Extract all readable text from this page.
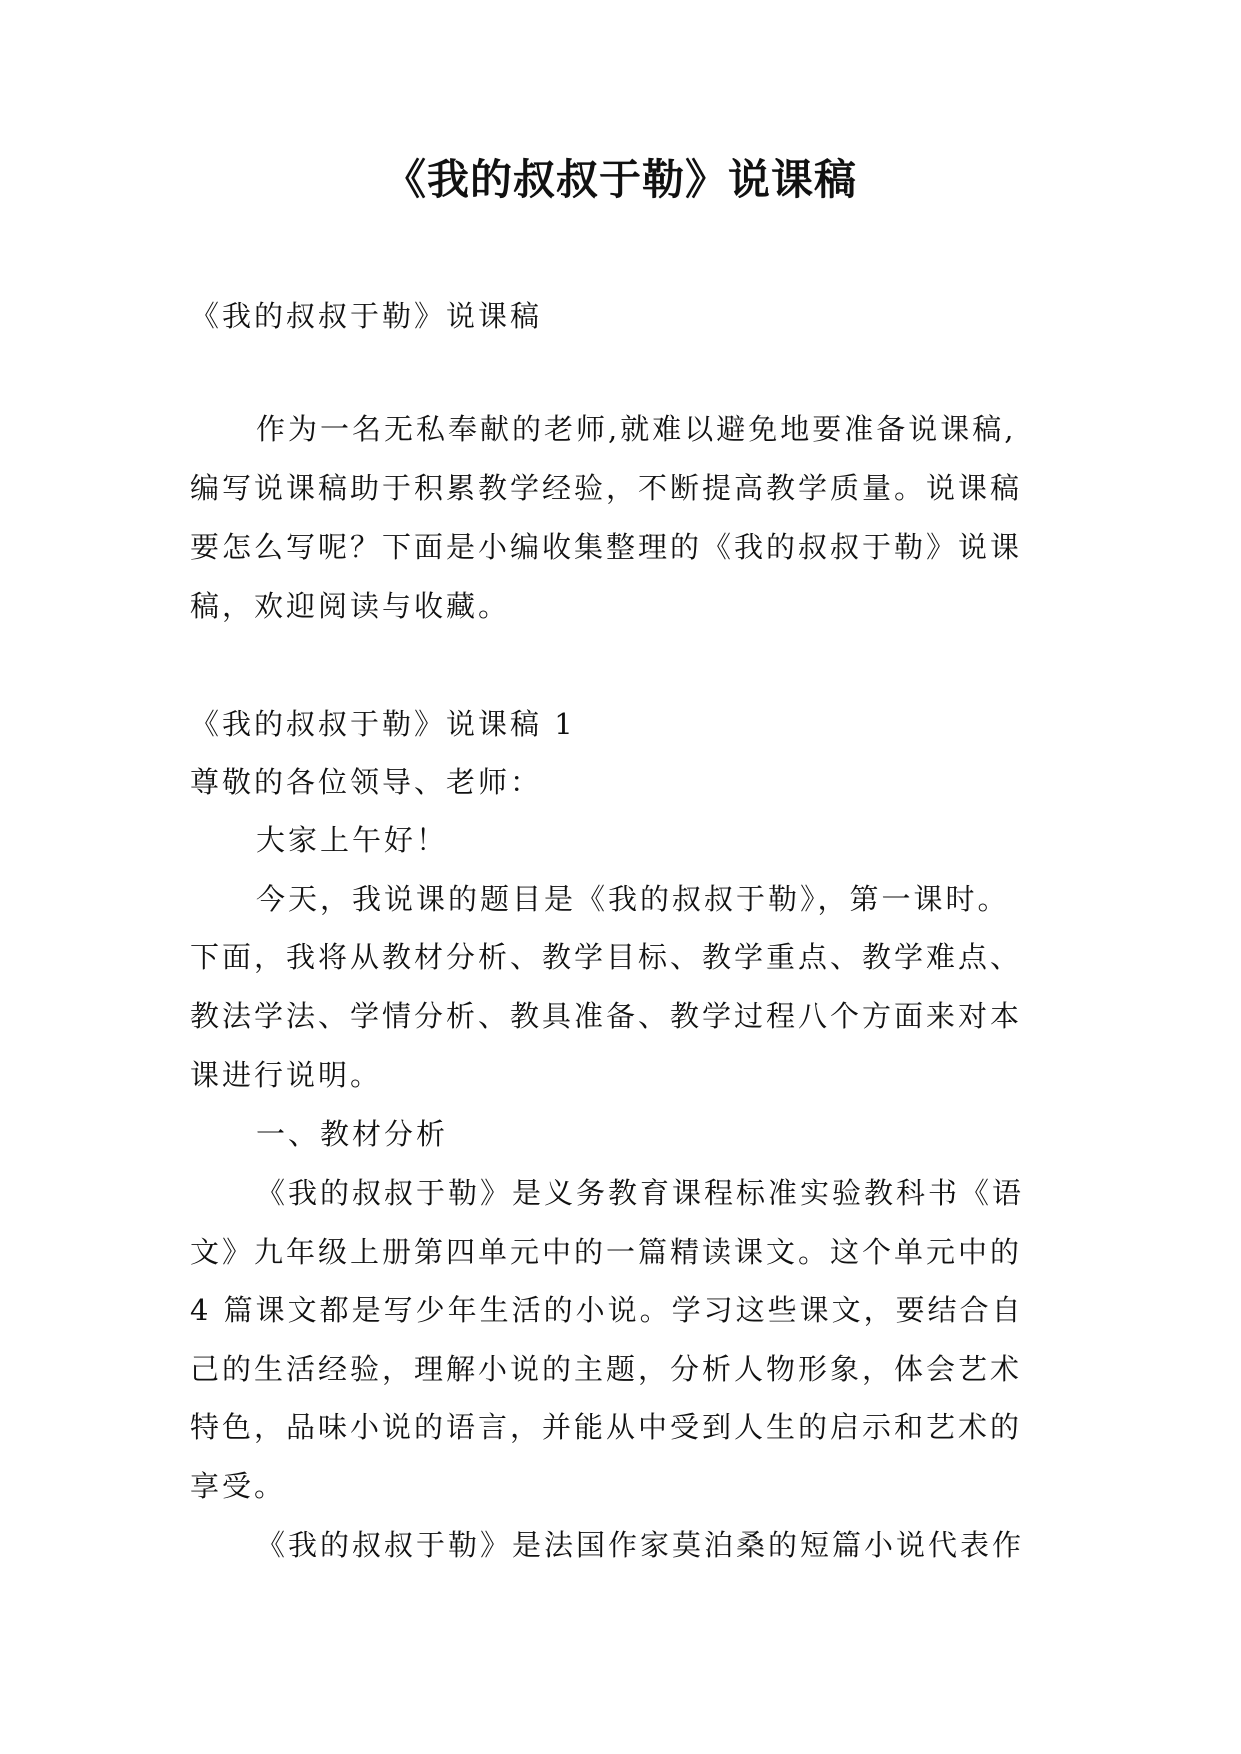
《我的叔叔于勒》说课稿
《我的叔叔于勒》说课稿
作为一名无私奉献的老师,就难以避免地要准备说课稿,
编写说课稿助于积累教学经验，不断提高教学质量。说课稿
要怎么写呢？下面是小编收集整理的《我的叔叔于勒》说课
稿，欢迎阅读与收藏。
《我的叔叔于勒》说课稿 1
尊敬的各位领导、老师：
大家上午好！
今天，我说课的题目是《我的叔叔于勒》，第一课时。
下面，我将从教材分析、教学目标、教学重点、教学难点、
教法学法、学情分析、教具准备、教学过程八个方面来对本
课进行说明。
一、教材分析
《我的叔叔于勒》是义务教育课程标准实验教科书《语
文》九年级上册第四单元中的一篇精读课文。这个单元中的
4 篇课文都是写少年生活的小说。学习这些课文，要结合自
己的生活经验，理解小说的主题，分析人物形象，体会艺术
特色，品味小说的语言，并能从中受到人生的启示和艺术的
享受。
《我的叔叔于勒》是法国作家莫泊桑的短篇小说代表作
